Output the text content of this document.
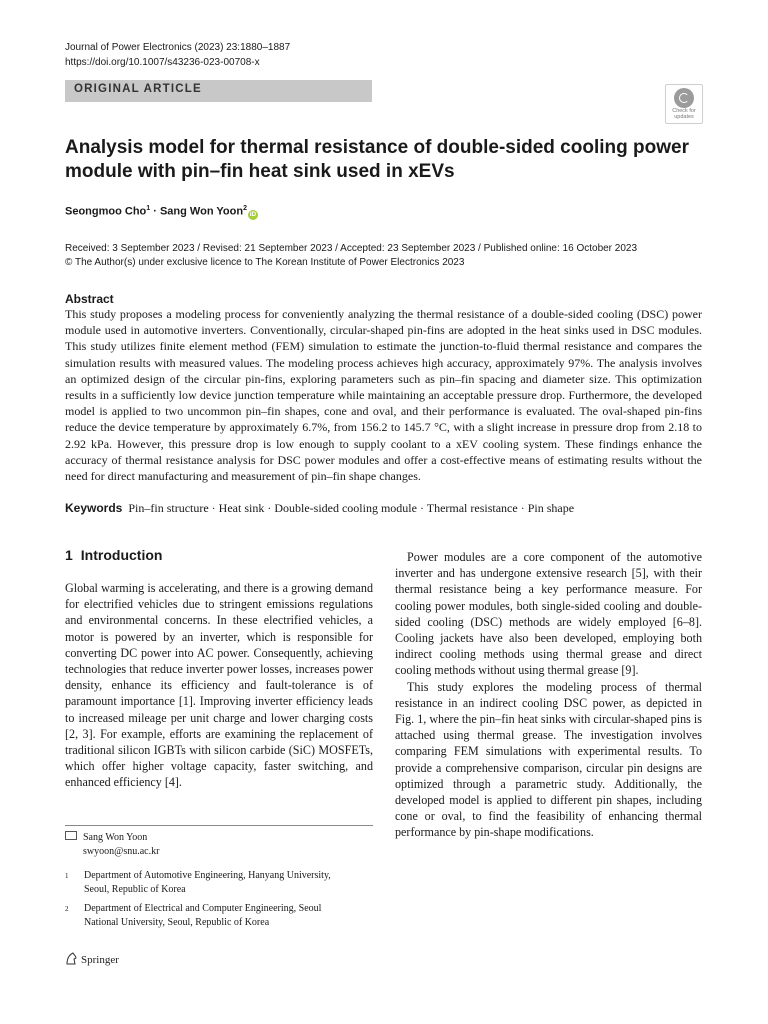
Journal of Power Electronics (2023) 23:1880–1887
https://doi.org/10.1007/s43236-023-00708-x
ORIGINAL ARTICLE
Check for
updates
Analysis model for thermal resistance of double-sided cooling power module with pin–fin heat sink used in xEVs
Seongmoo Cho$^1$ · Sang Won Yoon$^2$iD
Received: 3 September 2023 / Revised: 21 September 2023 / Accepted: 23 September 2023 / Published online: 16 October 2023
© The Author(s) under exclusive licence to The Korean Institute of Power Electronics 2023
Abstract

This study proposes a modeling process for conveniently analyzing the thermal resistance of a double-sided cooling (DSC) power module used in automotive inverters. Conventionally, circular-shaped pin-fins are adopted in the heat sinks used in DSC modules. This study utilizes finite element method (FEM) simulation to estimate the junction-to-fluid thermal resistance and compares the simulation results with measured values. The modeling process achieves high accuracy, approximately 97%. The analysis involves an optimized design of the circular pin-fins, exploring parameters such as pin–fin spacing and diameter size. This optimization results in a sufficiently low device junction temperature while maintaining an acceptable pressure drop. Furthermore, the developed model is applied to two uncommon pin–fin shapes, cone and oval, and their performance is evaluated. The oval-shaped pin-fins reduce the device temperature by approximately 6.7%, from 156.2 to 145.7 °C, with a slight increase in pressure drop from 2.18 to 2.92 kPa. However, this pressure drop is low enough to supply coolant to a xEV cooling system. These findings enhance the accuracy of thermal resistance analysis for DSC power modules and offer a cost-effective means of estimating results without the need for direct manufacturing and measurement of pin–fin shape changes.

Keywords Pin–fin structure · Heat sink · Double-sided cooling module · Thermal resistance · Pin shape
1 Introduction

Global warming is accelerating, and there is a growing demand for electrified vehicles due to stringent emissions regulations and environmental concerns. In these electrified vehicles, a motor is powered by an inverter, which is responsible for converting DC power into AC power. Consequently, achieving technologies that reduce inverter power losses, increases power density, enhance its efficiency and fault-tolerance is of paramount importance [1]. Improving inverter efficiency leads to increased mileage per unit charge and lower charging costs [2, 3]. For example, efforts are examining the replacement of traditional silicon IGBTs with silicon carbide (SiC) MOSFETs, which offer higher voltage capacity, faster switching, and enhanced efficiency [4].

Power modules are a core component of the automotive inverter and has undergone extensive research [5], with their thermal resistance being a key performance measure. For cooling power modules, both single-sided cooling and double-sided cooling (DSC) methods are widely employed [6–8]. Cooling jackets have also been developed, employing both indirect cooling methods using thermal grease and direct cooling methods without using thermal grease [9].

This study explores the modeling process of thermal resistance in an indirect cooling DSC power, as depicted in Fig. 1, where the pin–fin heat sinks with circular-shaped pins is attached using thermal grease. The investigation involves comparing FEM simulations with experimental results. To provide a comprehensive comparison, circular pin designs are optimized through a parametric study. Additionally, the developed model is applied to different pin shapes, including cone or oval, to find the feasibility of enhancing thermal performance by pin-shape modifications.

Sang Won Yoon
swyoon@snu.ac.kr
1 Department of Automotive Engineering, Hanyang University, Seoul, Republic of Korea
2 Department of Electrical and Computer Engineering, Seoul National University, Seoul, Republic of Korea
Springer
